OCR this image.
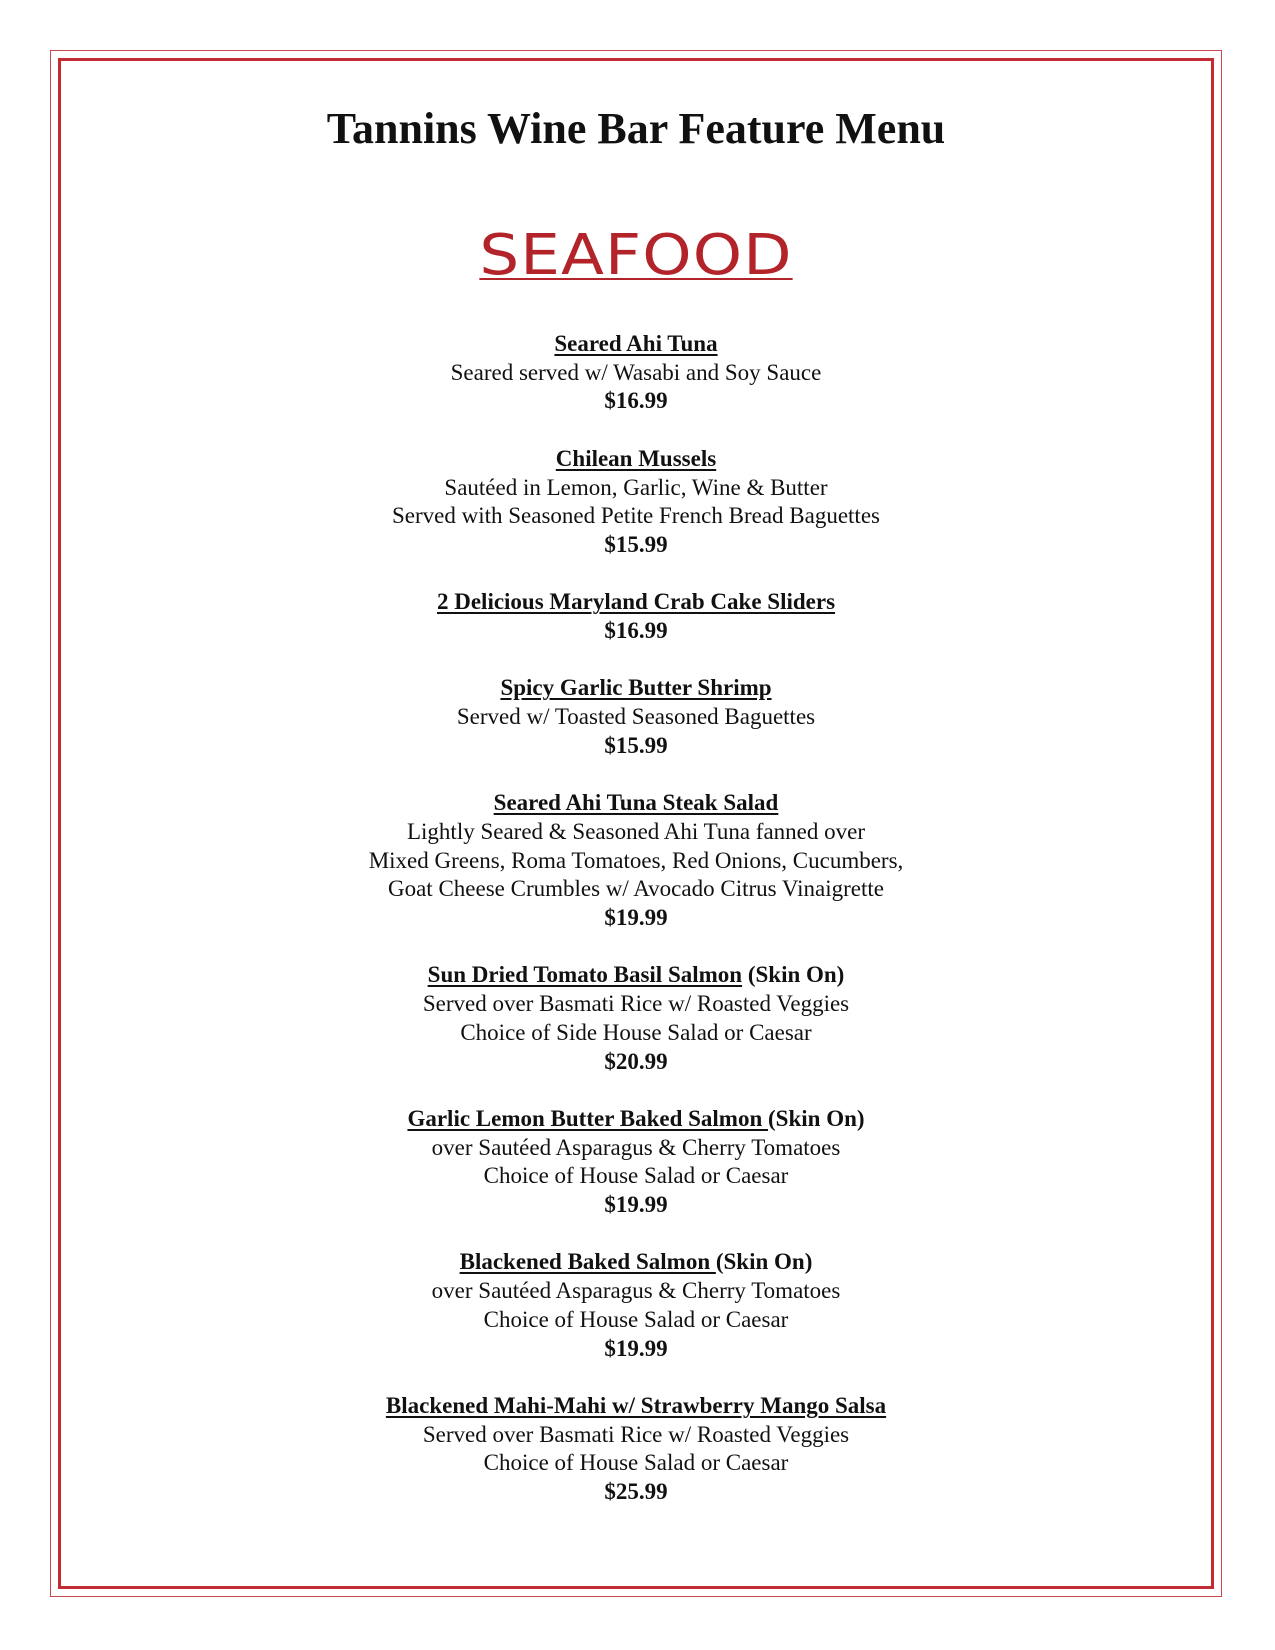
Tannins Wine Bar Feature Menu
SEAFOOD
Seared Ahi Tuna
Seared served w/ Wasabi and Soy Sauce
$16.99
Chilean Mussels
Sautéed in Lemon, Garlic, Wine & Butter
Served with Seasoned Petite French Bread Baguettes
$15.99
2 Delicious Maryland Crab Cake Sliders
$16.99
Spicy Garlic Butter Shrimp
Served w/ Toasted Seasoned Baguettes
$15.99
Seared Ahi Tuna Steak Salad
Lightly Seared & Seasoned Ahi Tuna fanned over
Mixed Greens, Roma Tomatoes, Red Onions, Cucumbers,
Goat Cheese Crumbles w/ Avocado Citrus Vinaigrette
$19.99
Sun Dried Tomato Basil Salmon (Skin On)
Served over Basmati Rice w/ Roasted Veggies
Choice of Side House Salad or Caesar
$20.99
Garlic Lemon Butter Baked Salmon (Skin On)
over Sautéed Asparagus & Cherry Tomatoes
Choice of House Salad or Caesar
$19.99
Blackened Baked Salmon (Skin On)
over Sautéed Asparagus & Cherry Tomatoes
Choice of House Salad or Caesar
$19.99
Blackened Mahi-Mahi w/ Strawberry Mango Salsa
Served over Basmati Rice w/ Roasted Veggies
Choice of House Salad or Caesar
$25.99
